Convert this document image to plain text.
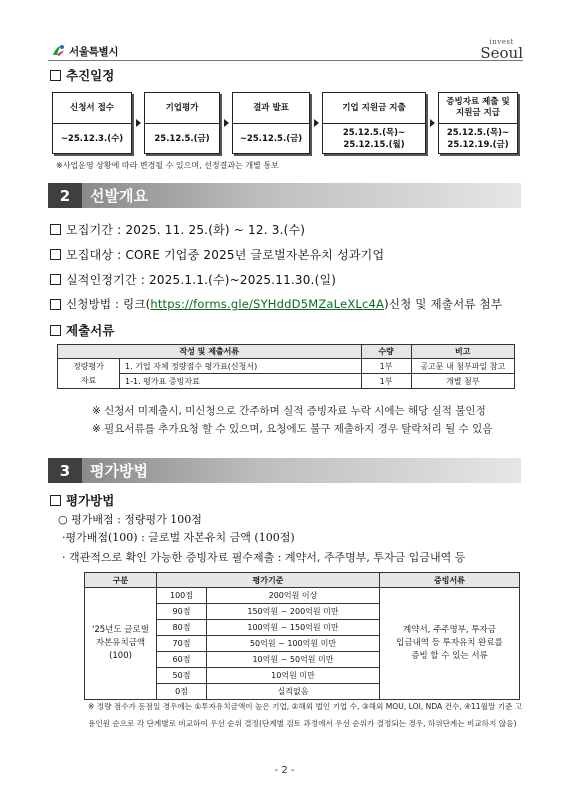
서울특별시
invest
Seoul
추진일정
신청서 접수
~25.12.3.(수)
기업평가
25.12.5.(금)
결과 발표
~25.12.5.(금)
기업 지원금 지출
25.12.5.(목)~
25.12.15.(월)
증빙자료 제출 및
지원금 지급
25.12.5.(목)~
25.12.19.(금)
※사업운영 상황에 따라 변경될 수 있으며, 선정결과는 개별 통보
2	선발개요
모집기간 : 2025. 11. 25.(화) ~ 12. 3.(수)
모집대상 : CORE 기업중 2025년 글로벌자본유치 성과기업
실적인정기간 : 2025.1.1.(수)~2025.11.30.(일)
신청방법 : 링크(https://forms.gle/SYHddD5MZaLeXLc4A)신청 및 제출서류 첨부
제출서류
작성 및 제출서류		수량	비고
정량평가
자료	1. 기업 자체 정량점수 평가표(신청서)	1부	공고문 내 첨부파일 참고
	1-1. 평가표 증빙자료	1부	개별 첨부
※ 신청서 미제출시, 미신청으로 간주하며 실적 증빙자료 누락 시에는 해당 실적 불인정
※ 필요서류를 추가요청 할 수 있으며, 요청에도 불구 제출하지 경우 탈락처리 될 수 있음
3	평가방법
평가방법
○ 평가배점 : 정량평가 100점
·평가배점(100) : 글로벌 자본유치 금액 (100점)
· 객관적으로 확인 가능한 증빙자료 필수제출 : 계약서, 주주명부, 투자금 입금내역 등
구분	평가기준		증빙서류
'25년도 글로벌
자본유치금액
(100)	100점	200억원 이상	계약서, 주주명부, 투자금
입금내역 등 투자유치 완료를
증빙 할 수 있는 서류
	90점	150억원 ~ 200억원 미만	
	80점	100억원 ~ 150억원 미만	
	70점	50억원 ~ 100억원 미만	
	60점	10억원 ~ 50억원 미만	
	50점	10억원 미만	
	0점	실적없음	
※ 정량 점수가 동점일 경우에는 ①투자유치금액이 높은 기업, ②해외 법인 기업 수, ③해외 MOU, LOI, NDA 건수, ④11월말 기준 고용인원 순으로 각 단계별로 비교하여 우선 순위 결정(단계별 검토 과정에서 우선 순위가 결정되는 경우, 하위단계는 비교하지 않음)
- 2 -
